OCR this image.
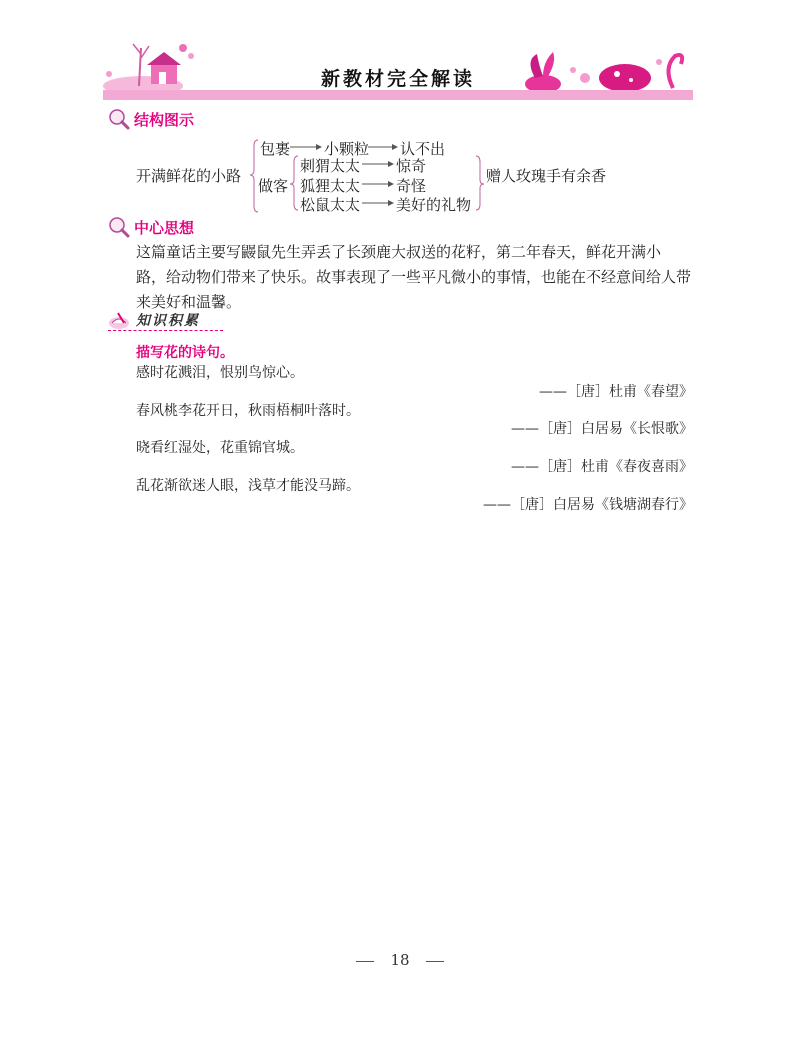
新教材完全解读
结构图示
开满鲜花的小路
包裹 小颗粒 认不出
做客
刺猬太太 惊奇
狐狸太太 奇怪
松鼠太太 美好的礼物
赠人玫瑰手有余香
中心思想
这篇童话主要写鼹鼠先生弄丢了长颈鹿大叔送的花籽，第二年春天，鲜花开满小
路，给动物们带来了快乐。故事表现了一些平凡微小的事情，也能在不经意间给人带
来美好和温馨。
知识积累
描写花的诗句。
感时花溅泪，恨别鸟惊心。
——［唐］杜甫《春望》
春风桃李花开日，秋雨梧桐叶落时。
——［唐］白居易《长恨歌》
晓看红湿处，花重锦官城。
——［唐］杜甫《春夜喜雨》
乱花渐欲迷人眼，浅草才能没马蹄。
——［唐］白居易《钱塘湖春行》
18
